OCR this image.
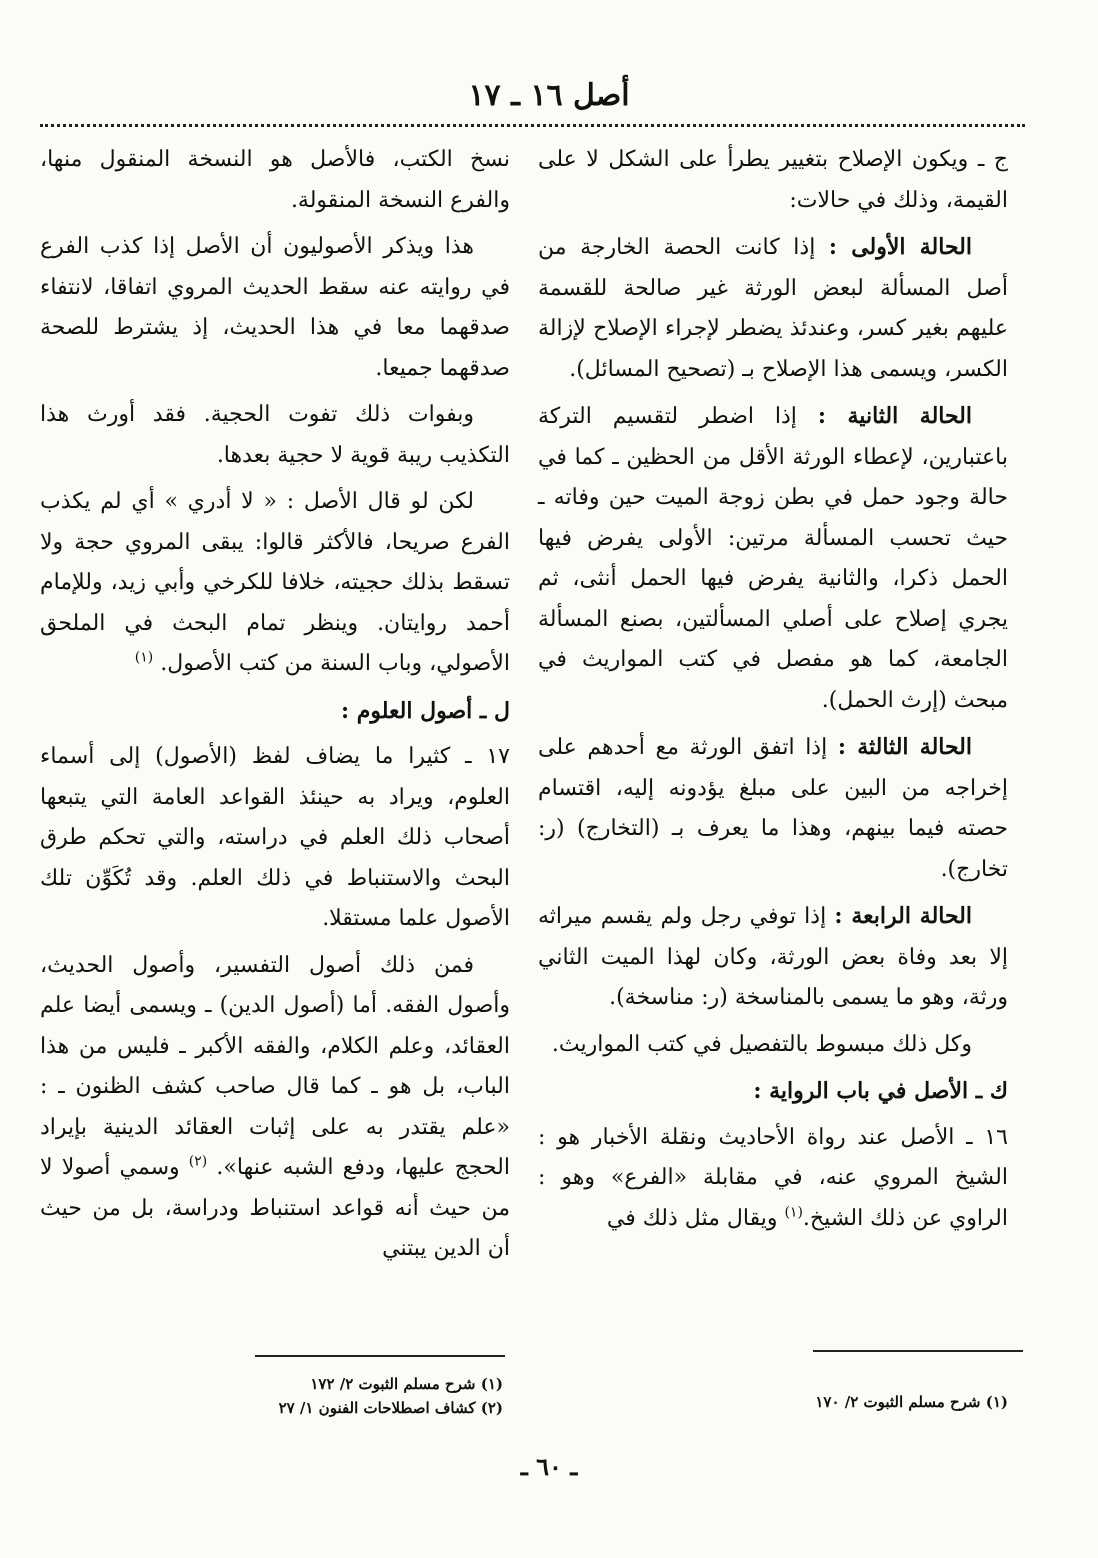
أصل ١٦ ـ ١٧

ج ـ ويكون الإصلاح بتغيير يطرأ على الشكل لا على القيمة، وذلك في حالات:

الحالة الأولى : إذا كانت الحصة الخارجة من أصل المسألة لبعض الورثة غير صالحة للقسمة عليهم بغير كسر، وعندئذ يضطر لإجراء الإصلاح لإزالة الكسر، ويسمى هذا الإصلاح بـ (تصحيح المسائل).

الحالة الثانية : إذا اضطر لتقسيم التركة باعتبارين، لإعطاء الورثة الأقل من الحظين ـ كما في حالة وجود حمل في بطن زوجة الميت حين وفاته ـ حيث تحسب المسألة مرتين: الأولى يفرض فيها الحمل ذكرا، والثانية يفرض فيها الحمل أنثى، ثم يجري إصلاح على أصلي المسألتين، بصنع المسألة الجامعة، كما هو مفصل في كتب المواريث في مبحث (إرث الحمل).

الحالة الثالثة : إذا اتفق الورثة مع أحدهم على إخراجه من البين على مبلغ يؤدونه إليه، اقتسام حصته فيما بينهم، وهذا ما يعرف بـ (التخارج) (ر: تخارج).

الحالة الرابعة : إذا توفي رجل ولم يقسم ميراثه إلا بعد وفاة بعض الورثة، وكان لهذا الميت الثاني ورثة، وهو ما يسمى بالمناسخة (ر: مناسخة).

وكل ذلك مبسوط بالتفصيل في كتب المواريث.

ك ـ الأصل في باب الرواية :

١٦ ـ الأصل عند رواة الأحاديث ونقلة الأخبار هو : الشيخ المروي عنه، في مقابلة «الفرع» وهو : الراوي عن ذلك الشيخ.$^{(١)}$ ويقال مثل ذلك في

نسخ الكتب، فالأصل هو النسخة المنقول منها، والفرع النسخة المنقولة.

هذا ويذكر الأصوليون أن الأصل إذا كذب الفرع في روايته عنه سقط الحديث المروي اتفاقا، لانتفاء صدقهما معا في هذا الحديث، إذ يشترط للصحة صدقهما جميعا.

وبفوات ذلك تفوت الحجية. فقد أورث هذا التكذيب ريبة قوية لا حجية بعدها.

لكن لو قال الأصل : « لا أدري » أي لم يكذب الفرع صريحا، فالأكثر قالوا: يبقى المروي حجة ولا تسقط بذلك حجيته، خلافا للكرخي وأبي زيد، وللإمام أحمد روايتان. وينظر تمام البحث في الملحق الأصولي، وباب السنة من كتب الأصول. $^{(١)}$

ل ـ أصول العلوم :

١٧ ـ كثيرا ما يضاف لفظ (الأصول) إلى أسماء العلوم، ويراد به حينئذ القواعد العامة التي يتبعها أصحاب ذلك العلم في دراسته، والتي تحكم طرق البحث والاستنباط في ذلك العلم. وقد تُكَوِّن تلك الأصول علما مستقلا.

فمن ذلك أصول التفسير، وأصول الحديث، وأصول الفقه. أما (أصول الدين) ـ ويسمى أيضا علم العقائد، وعلم الكلام، والفقه الأكبر ـ فليس من هذا الباب، بل هو ـ كما قال صاحب كشف الظنون ـ : «علم يقتدر به على إثبات العقائد الدينية بإيراد الحجج عليها، ودفع الشبه عنها». $^{(٢)}$ وسمي أصولا لا من حيث أنه قواعد استنباط ودراسة، بل من حيث أن الدين يبتني

(١) شرح مسلم الثبوت ٢/ ١٧٠
(١) شرح مسلم الثبوت ٢/ ١٧٢
(٢) كشاف اصطلاحات الفنون ١/ ٢٧
ـ ٦٠ ـ
